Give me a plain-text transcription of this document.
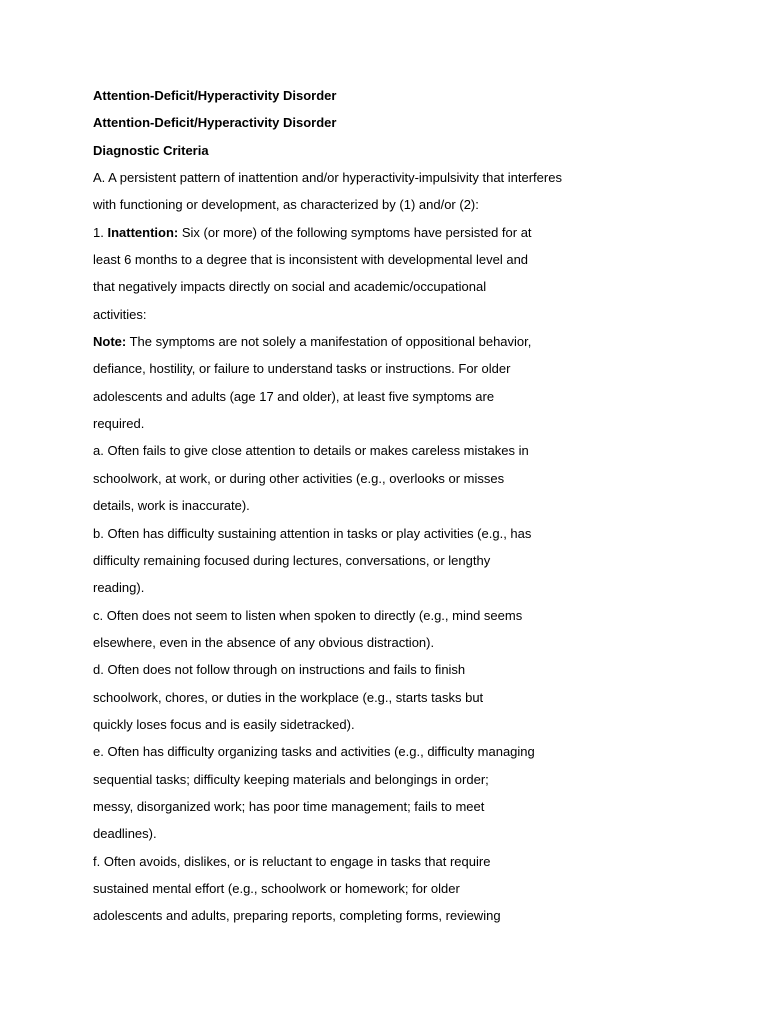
Attention-Deficit/Hyperactivity Disorder

Attention-Deficit/Hyperactivity Disorder

Diagnostic Criteria

A. A persistent pattern of inattention and/or hyperactivity-impulsivity that interferes

with functioning or development, as characterized by (1) and/or (2):

1. Inattention: Six (or more) of the following symptoms have persisted for at

least 6 months to a degree that is inconsistent with developmental level and

that negatively impacts directly on social and academic/occupational

activities:

Note: The symptoms are not solely a manifestation of oppositional behavior,

defiance, hostility, or failure to understand tasks or instructions. For older

adolescents and adults (age 17 and older), at least five symptoms are

required.

a. Often fails to give close attention to details or makes careless mistakes in

schoolwork, at work, or during other activities (e.g., overlooks or misses

details, work is inaccurate).

b. Often has difficulty sustaining attention in tasks or play activities (e.g., has

difficulty remaining focused during lectures, conversations, or lengthy

reading).

c. Often does not seem to listen when spoken to directly (e.g., mind seems

elsewhere, even in the absence of any obvious distraction).

d. Often does not follow through on instructions and fails to finish

schoolwork, chores, or duties in the workplace (e.g., starts tasks but

quickly loses focus and is easily sidetracked).

e. Often has difficulty organizing tasks and activities (e.g., difficulty managing

sequential tasks; difficulty keeping materials and belongings in order;

messy, disorganized work; has poor time management; fails to meet

deadlines).

f. Often avoids, dislikes, or is reluctant to engage in tasks that require

sustained mental effort (e.g., schoolwork or homework; for older

adolescents and adults, preparing reports, completing forms, reviewing
